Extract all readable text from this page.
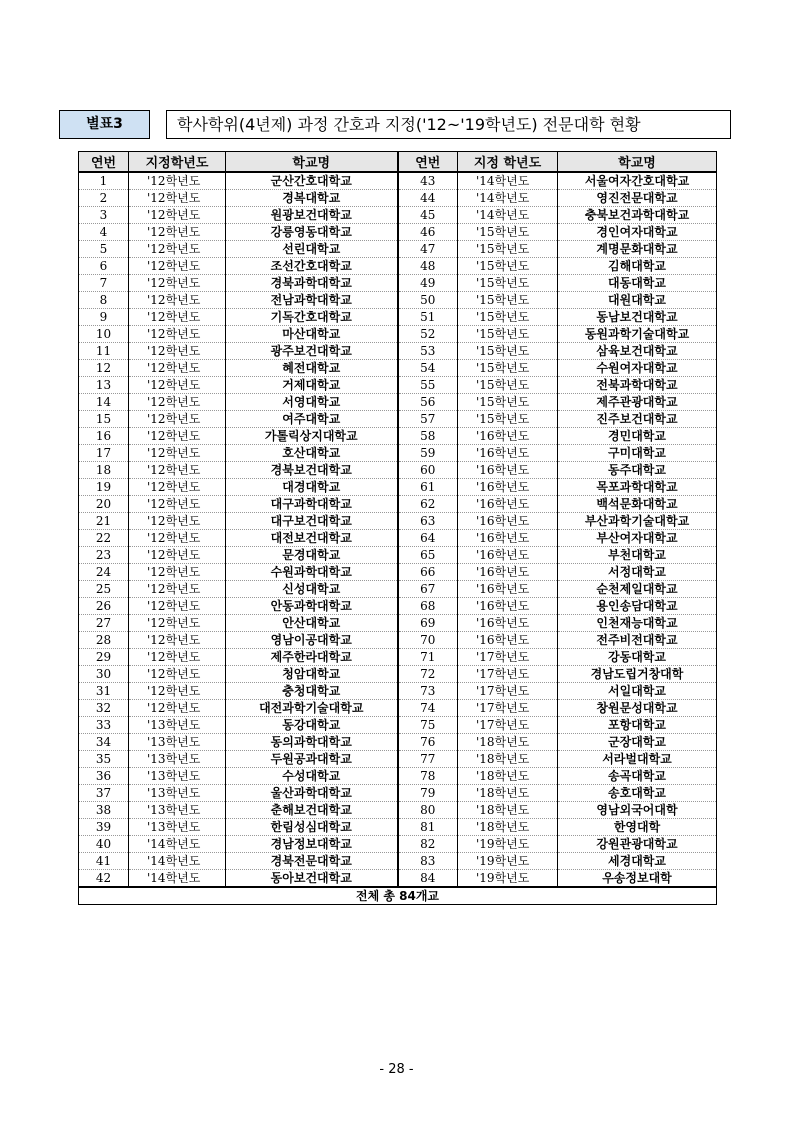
별표3	학사학위(4년제) 과정 간호과 지정('12~'19학년도) 전문대학 현황
연번	지정학년도	학교명	연번	지정 학년도	학교명
1	'12학년도	군산간호대학교	43	'14학년도	서울여자간호대학교
2	'12학년도	경복대학교	44	'14학년도	영진전문대학교
3	'12학년도	원광보건대학교	45	'14학년도	충북보건과학대학교
4	'12학년도	강릉영동대학교	46	'15학년도	경인여자대학교
5	'12학년도	선린대학교	47	'15학년도	계명문화대학교
6	'12학년도	조선간호대학교	48	'15학년도	김해대학교
7	'12학년도	경북과학대학교	49	'15학년도	대동대학교
8	'12학년도	전남과학대학교	50	'15학년도	대원대학교
9	'12학년도	기독간호대학교	51	'15학년도	동남보건대학교
10	'12학년도	마산대학교	52	'15학년도	동원과학기술대학교
11	'12학년도	광주보건대학교	53	'15학년도	삼육보건대학교
12	'12학년도	혜전대학교	54	'15학년도	수원여자대학교
13	'12학년도	거제대학교	55	'15학년도	전북과학대학교
14	'12학년도	서영대학교	56	'15학년도	제주관광대학교
15	'12학년도	여주대학교	57	'15학년도	진주보건대학교
16	'12학년도	가톨릭상지대학교	58	'16학년도	경민대학교
17	'12학년도	호산대학교	59	'16학년도	구미대학교
18	'12학년도	경북보건대학교	60	'16학년도	동주대학교
19	'12학년도	대경대학교	61	'16학년도	목포과학대학교
20	'12학년도	대구과학대학교	62	'16학년도	백석문화대학교
21	'12학년도	대구보건대학교	63	'16학년도	부산과학기술대학교
22	'12학년도	대전보건대학교	64	'16학년도	부산여자대학교
23	'12학년도	문경대학교	65	'16학년도	부천대학교
24	'12학년도	수원과학대학교	66	'16학년도	서정대학교
25	'12학년도	신성대학교	67	'16학년도	순천제일대학교
26	'12학년도	안동과학대학교	68	'16학년도	용인송담대학교
27	'12학년도	안산대학교	69	'16학년도	인천재능대학교
28	'12학년도	영남이공대학교	70	'16학년도	전주비전대학교
29	'12학년도	제주한라대학교	71	'17학년도	강동대학교
30	'12학년도	청암대학교	72	'17학년도	경남도립거창대학
31	'12학년도	충청대학교	73	'17학년도	서일대학교
32	'12학년도	대전과학기술대학교	74	'17학년도	창원문성대학교
33	'13학년도	동강대학교	75	'17학년도	포항대학교
34	'13학년도	동의과학대학교	76	'18학년도	군장대학교
35	'13학년도	두원공과대학교	77	'18학년도	서라벌대학교
36	'13학년도	수성대학교	78	'18학년도	송곡대학교
37	'13학년도	울산과학대학교	79	'18학년도	송호대학교
38	'13학년도	춘해보건대학교	80	'18학년도	영남외국어대학
39	'13학년도	한림성심대학교	81	'18학년도	한영대학
40	'14학년도	경남정보대학교	82	'19학년도	강원관광대학교
41	'14학년도	경북전문대학교	83	'19학년도	세경대학교
42	'14학년도	동아보건대학교	84	'19학년도	우송정보대학
전체 총 84개교					
- 28 -
